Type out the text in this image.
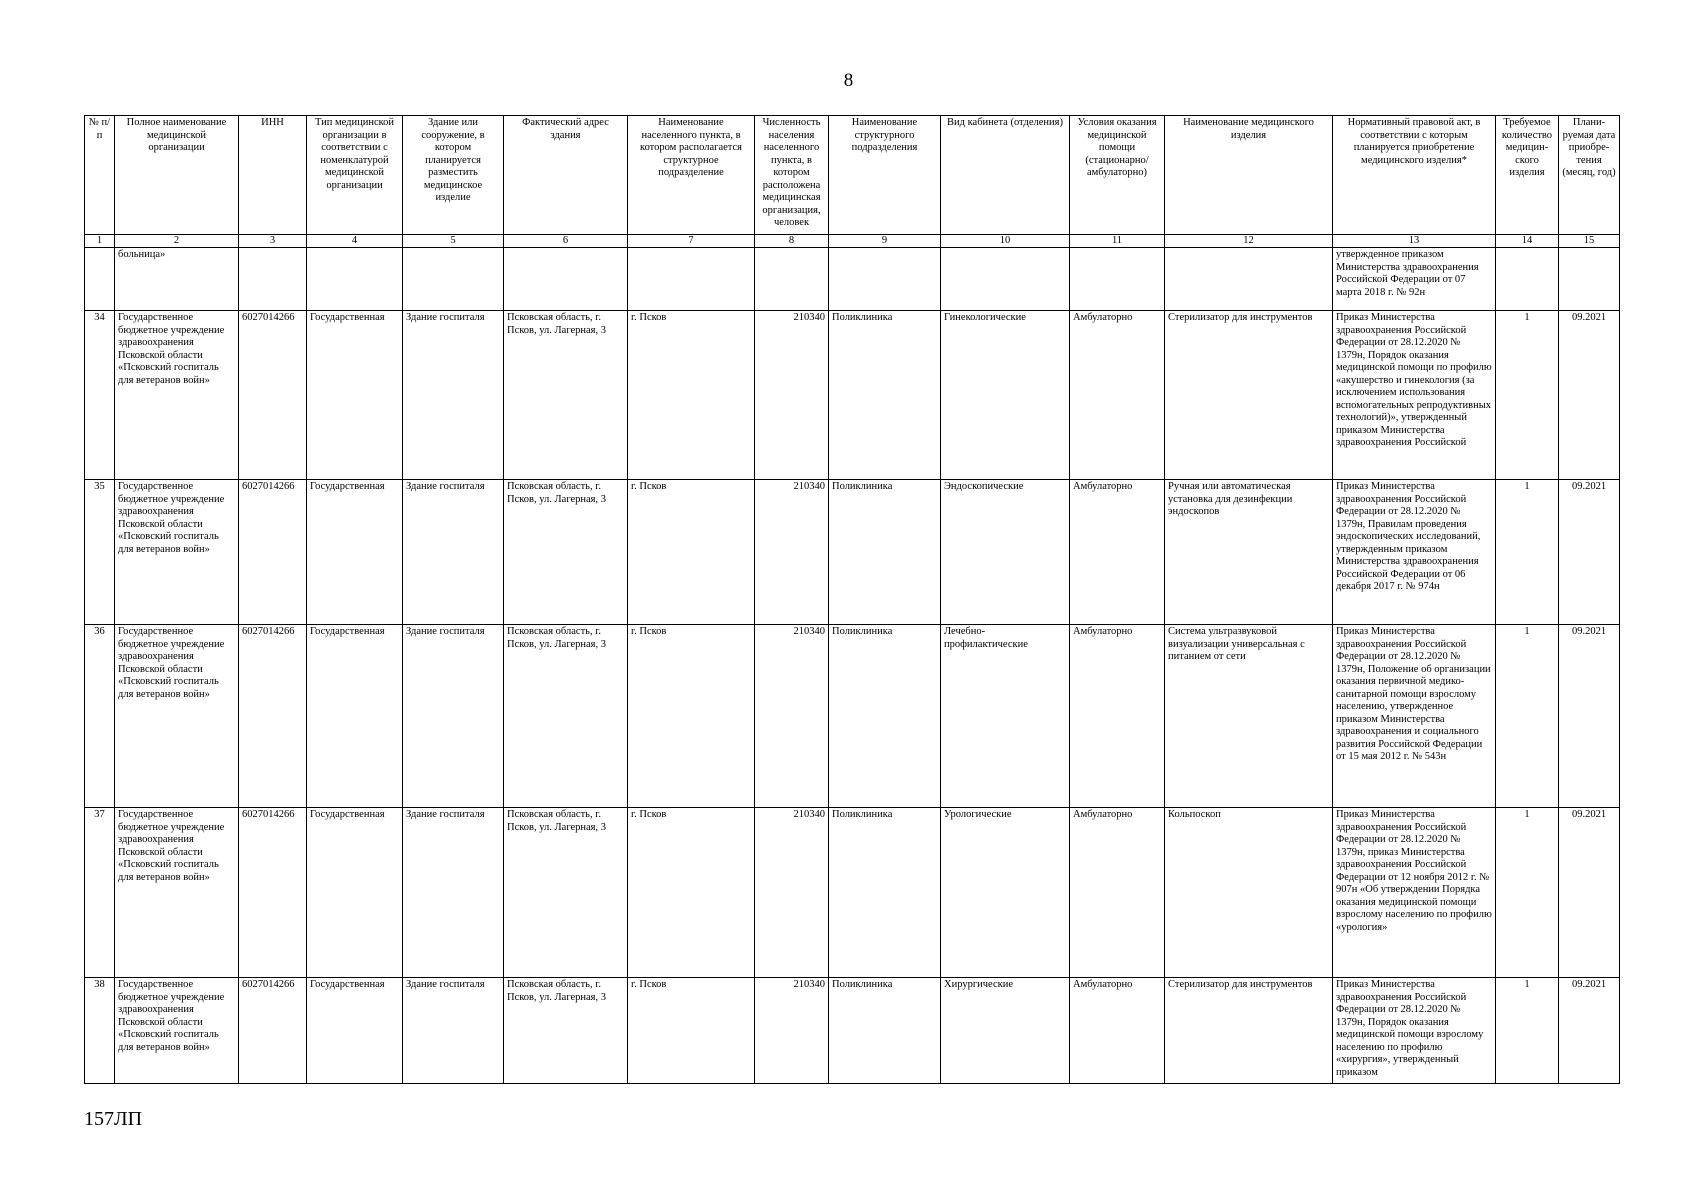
8
№ п/п	Полное наименование медицинской организации	ИНН	Тип медицинской организации в соответствии с номенклатурой медицинской организации	Здание или сооружение, в котором планируется разместить медицинское изделие	Фактический адрес здания	Наименование населенного пункта, в котором располагается структурное подразделение	Численность населения населенного пункта, в котором расположена медицинская организация, человек	Наименование структурного подразделения	Вид кабинета (отделения)	Условия оказания медицинской помощи (стационарно/ амбулаторно)	Наименование медицинского изделия	Нормативный правовой акт, в соответствии с которым планируется приобретение медицинского изделия*	Требуемое количество медицин-ского изделия	Плани-руемая дата приобре-тения (месяц, год)
1	2	3	4	5	6	7	8	9	10	11	12	13	14	15
	больница»											утвержденное приказом Министерства здравоохранения Российской Федерации от 07 марта 2018 г. № 92н		
34	Государственное бюджетное учреждение здравоохранения Псковской области «Псковский госпиталь для ветеранов войн»	6027014266	Государственная	Здание госпиталя	Псковская область, г. Псков, ул. Лагерная, 3	г. Псков	210340	Поликлиника	Гинекологические	Амбулаторно	Стерилизатор для инструментов	Приказ Министерства здравоохранения Российской Федерации от 28.12.2020 № 1379н, Порядок оказания медицинской помощи по профилю «акушерство и гинекология (за исключением использования вспомогательных репродуктивных технологий)», утвержденный приказом Министерства здравоохранения Российской	1	09.2021
35	Государственное бюджетное учреждение здравоохранения Псковской области «Псковский госпиталь для ветеранов войн»	6027014266	Государственная	Здание госпиталя	Псковская область, г. Псков, ул. Лагерная, 3	г. Псков	210340	Поликлиника	Эндоскопические	Амбулаторно	Ручная или автоматическая установка для дезинфекции эндоскопов	Приказ Министерства здравоохранения Российской Федерации от 28.12.2020 № 1379н, Правилам проведения эндоскопических исследований, утвержденным приказом Министерства здравоохранения Российской Федерации от 06 декабря 2017 г. № 974н	1	09.2021
36	Государственное бюджетное учреждение здравоохранения Псковской области «Псковский госпиталь для ветеранов войн»	6027014266	Государственная	Здание госпиталя	Псковская область, г. Псков, ул. Лагерная, 3	г. Псков	210340	Поликлиника	Лечебно-профилактические	Амбулаторно	Система ультразвуковой визуализации универсальная с питанием от сети	Приказ Министерства здравоохранения Российской Федерации от 28.12.2020 № 1379н, Положение об организации оказания первичной медико-санитарной помощи взрослому населению, утвержденное приказом Министерства здравоохранения и социального развития Российской Федерации от 15 мая 2012 г. № 543н	1	09.2021
37	Государственное бюджетное учреждение здравоохранения Псковской области «Псковский госпиталь для ветеранов войн»	6027014266	Государственная	Здание госпиталя	Псковская область, г. Псков, ул. Лагерная, 3	г. Псков	210340	Поликлиника	Урологические	Амбулаторно	Кольпоскоп	Приказ Министерства здравоохранения Российской Федерации от 28.12.2020 № 1379н, приказ Министерства здравоохранения Российской Федерации от 12 ноября 2012 г. № 907н «Об утверждении Порядка оказания медицинской помощи взрослому населению по профилю «урология»	1	09.2021
38	Государственное бюджетное учреждение здравоохранения Псковской области «Псковский госпиталь для ветеранов войн»	6027014266	Государственная	Здание госпиталя	Псковская область, г. Псков, ул. Лагерная, 3	г. Псков	210340	Поликлиника	Хирургические	Амбулаторно	Стерилизатор для инструментов	Приказ Министерства здравоохранения Российской Федерации от 28.12.2020 № 1379н, Порядок оказания медицинской помощи взрослому населению по профилю «хирургия», утвержденный приказом	1	09.2021
157ЛП
